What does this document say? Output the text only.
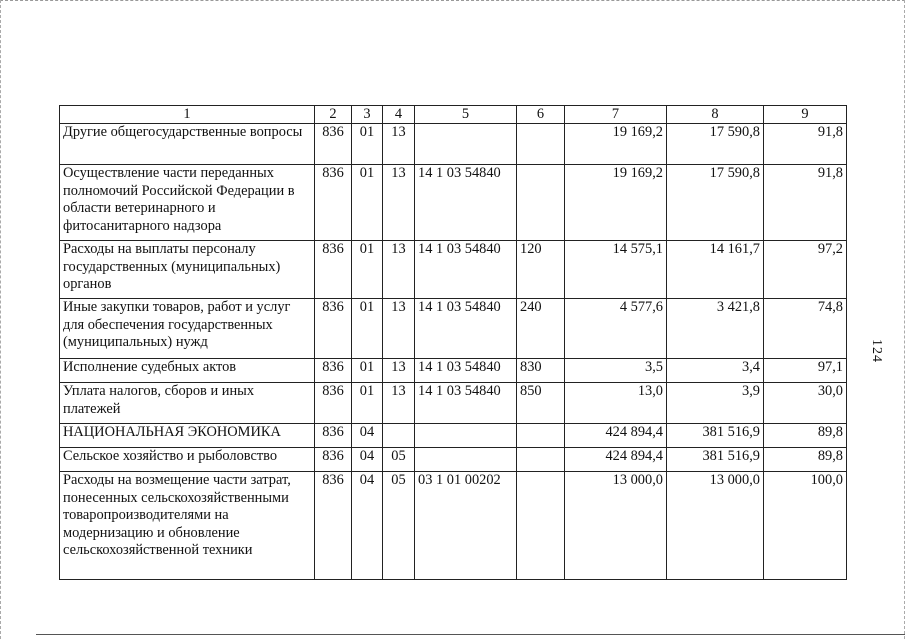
124
1	2	3	4	5	6	7	8	9
Другие общегосударственные вопросы	836	01	13			19 169,2	17 590,8	91,8
Осуществление части переданных полномочий Российской Федерации в области ветеринарного и фитосанитарного надзора	836	01	13	14 1 03 54840		19 169,2	17 590,8	91,8
Расходы на выплаты персоналу государственных (муниципальных) органов	836	01	13	14 1 03 54840	120	14 575,1	14 161,7	97,2
Иные закупки товаров, работ и услуг для обеспечения государственных (муниципальных) нужд	836	01	13	14 1 03 54840	240	4 577,6	3 421,8	74,8
Исполнение судебных актов	836	01	13	14 1 03 54840	830	3,5	3,4	97,1
Уплата налогов, сборов и иных платежей	836	01	13	14 1 03 54840	850	13,0	3,9	30,0
НАЦИОНАЛЬНАЯ ЭКОНОМИКА	836	04				424 894,4	381 516,9	89,8
Сельское хозяйство и рыболовство	836	04	05			424 894,4	381 516,9	89,8
Расходы на возмещение части затрат, понесенных сельскохозяйственными товаропроизводителями на модернизацию и обновление сельскохозяйственной техники	836	04	05	03 1 01 00202		13 000,0	13 000,0	100,0
